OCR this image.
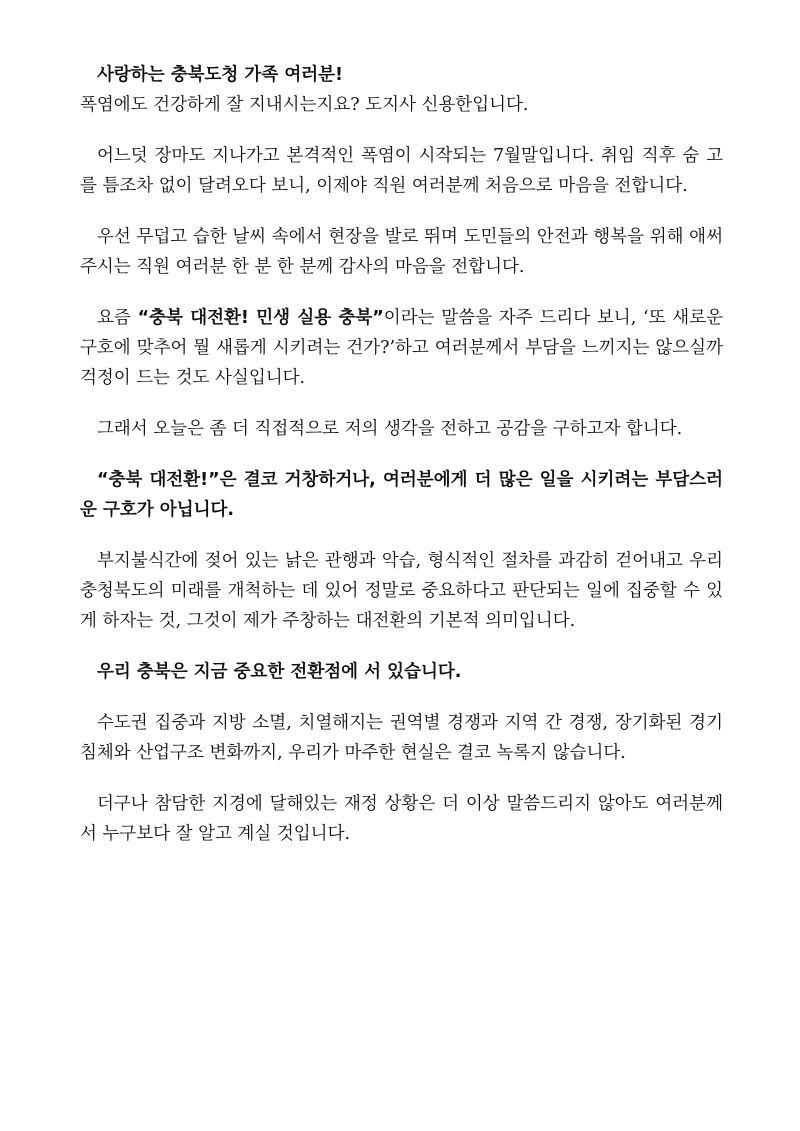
사랑하는 충북도청 가족 여러분!
폭염에도 건강하게 잘 지내시는지요? 도지사 신용한입니다.

어느덧 장마도 지나가고 본격적인 폭염이 시작되는 7월말입니다. 취임 직후 숨 고를 틈조차 없이 달려오다 보니, 이제야 직원 여러분께 처음으로 마음을 전합니다.

우선 무덥고 습한 날씨 속에서 현장을 발로 뛰며 도민들의 안전과 행복을 위해 애써주시는 직원 여러분 한 분 한 분께 감사의 마음을 전합니다.

요즘 “충북 대전환! 민생 실용 충북”이라는 말씀을 자주 드리다 보니, ‘또 새로운 구호에 맞추어 뭘 새롭게 시키려는 건가?’하고 여러분께서 부담을 느끼지는 않으실까 걱정이 드는 것도 사실입니다.

그래서 오늘은 좀 더 직접적으로 저의 생각을 전하고 공감을 구하고자 합니다.

“충북 대전환!”은 결코 거창하거나, 여러분에게 더 많은 일을 시키려는 부담스러운 구호가 아닙니다.

부지불식간에 젖어 있는 낡은 관행과 악습, 형식적인 절차를 과감히 걷어내고 우리 충청북도의 미래를 개척하는 데 있어 정말로 중요하다고 판단되는 일에 집중할 수 있게 하자는 것, 그것이 제가 주창하는 대전환의 기본적 의미입니다.

우리 충북은 지금 중요한 전환점에 서 있습니다.

수도권 집중과 지방 소멸, 치열해지는 권역별 경쟁과 지역 간 경쟁, 장기화된 경기 침체와 산업구조 변화까지, 우리가 마주한 현실은 결코 녹록지 않습니다.

더구나 참담한 지경에 달해있는 재정 상황은 더 이상 말씀드리지 않아도 여러분께서 누구보다 잘 알고 계실 것입니다.
